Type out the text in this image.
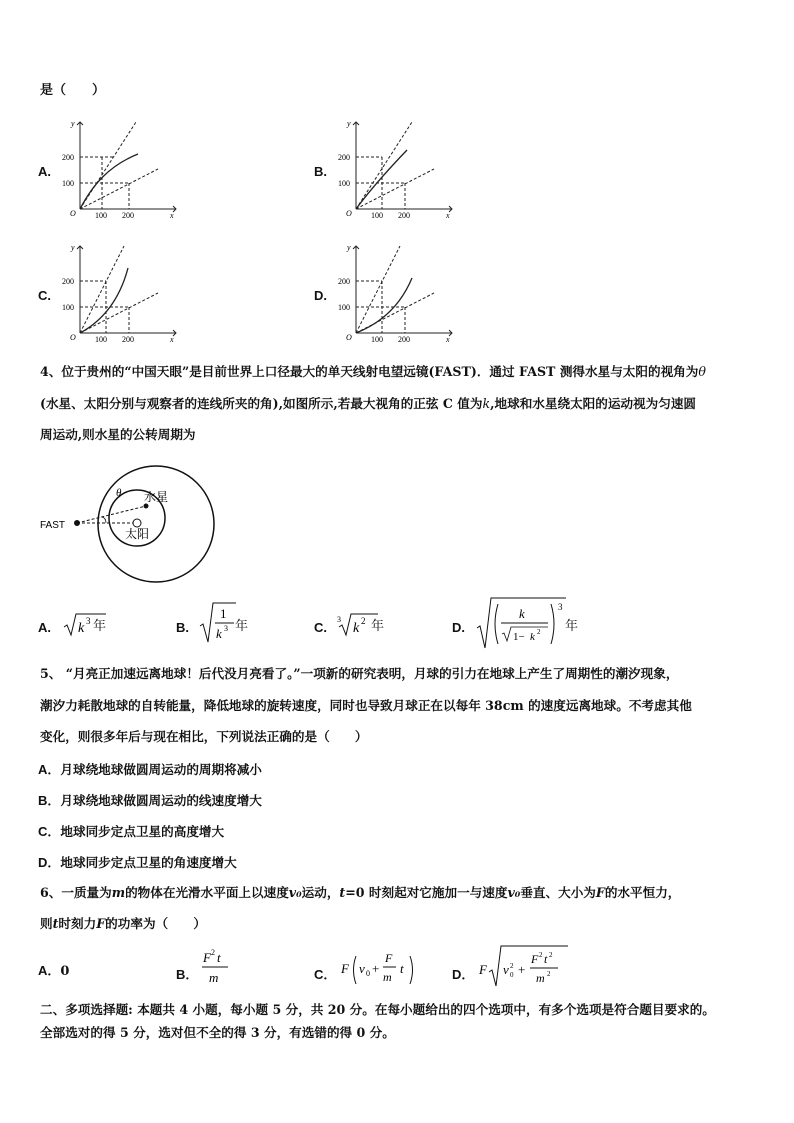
是（　　）
A.
y
200
100
O 100 200	x
B.
y
200
100
O 100 200	x
C.
y
200
100
O 100 200	x
D.
y
200
100
O 100 200	x
4、位于贵州的“中国天眼”是目前世界上口径最大的单天线射电望远镜(FAST)．通过 FAST 测得水星与太阳的视角为θ
(水星、太阳分别与观察者的连线所夹的角),如图所示,若最大视角的正弦 C 值为k,地球和水星绕太阳的运动视为匀速圆
周运动,则水星的公转周期为
FAST
θ 水星
太阳
A. k 3 年	B.
1
k 3 年	C.
3
k 2 年	D.
k
1− k 2
3
年
5、 “月亮正加速远离地球！后代没月亮看了。”一项新的研究表明，月球的引力在地球上产生了周期性的潮汐现象，
潮汐力耗散地球的自转能量，降低地球的旋转速度，同时也导致月球正在以每年 38cm 的速度远离地球。不考虑其他
变化，则很多年后与现在相比，下列说法正确的是（　　）
A．月球绕地球做圆周运动的周期将减小
B．月球绕地球做圆周运动的线速度增大
C．地球同步定点卫星的高度增大
D．地球同步定点卫星的角速度增大
6、一质量为m的物体在光滑水平面上以速度v₀运动，t=0 时刻起对它施加一与速度v₀垂直、大小为F的水平恒力，
则t时刻力F的功率为（　　）
A．0	B．
F 2 t
m	C． F v 0 +
F
m
t	D． F v 2
0 +
F 2 t 2
m 2
二、多项选择题: 本题共 4 小题，每小题 5 分，共 20 分。在每小题给出的四个选项中，有多个选项是符合题目要求的。
全部选对的得 5 分，选对但不全的得 3 分，有选错的得 0 分。
